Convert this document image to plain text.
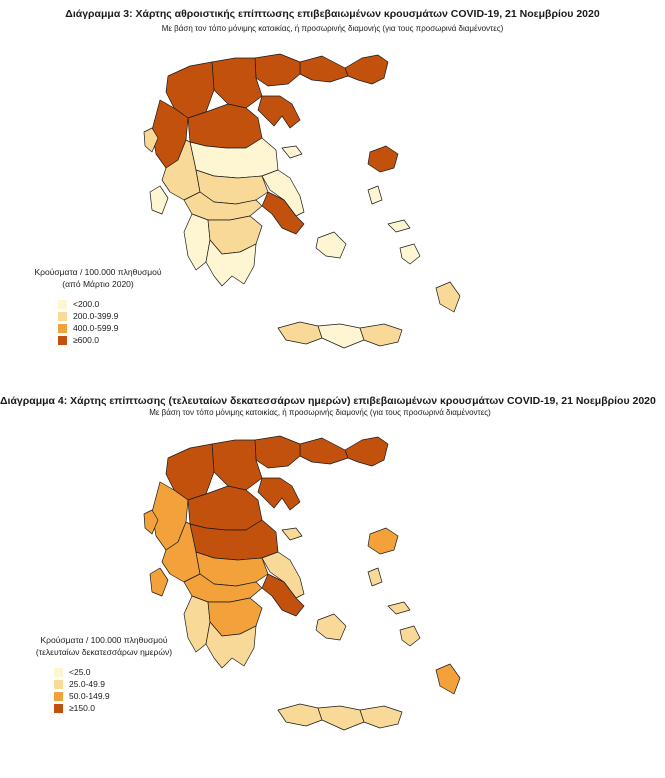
Διάγραμμα 3: Χάρτης αθροιστικής επίπτωσης επιβεβαιωμένων κρουσμάτων COVID-19, 21 Νοεμβρίου 2020
Με βάση τον τόπο μόνιμης κατοικίας, ή προσωρινής διαμονής (για τους προσωρινά διαμένοντες)
Κρούσματα / 100.000 πληθυσμού
(από Μάρτιο 2020)
<200.0
200.0-399.9
400.0-599.9
≥600.0
Διάγραμμα 4: Χάρτης επίπτωσης (τελευταίων δεκατεσσάρων ημερών) επιβεβαιωμένων κρουσμάτων COVID-19, 21 Νοεμβρίου 2020
Με βάση τον τόπο μόνιμης κατοικίας, ή προσωρινής διαμονής (για τους προσωρινά διαμένοντες)
Κρούσματα / 100.000 πληθυσμού
(τελευταίων δεκατεσσάρων ημερών)
<25.0
25.0-49.9
50.0-149.9
≥150.0
